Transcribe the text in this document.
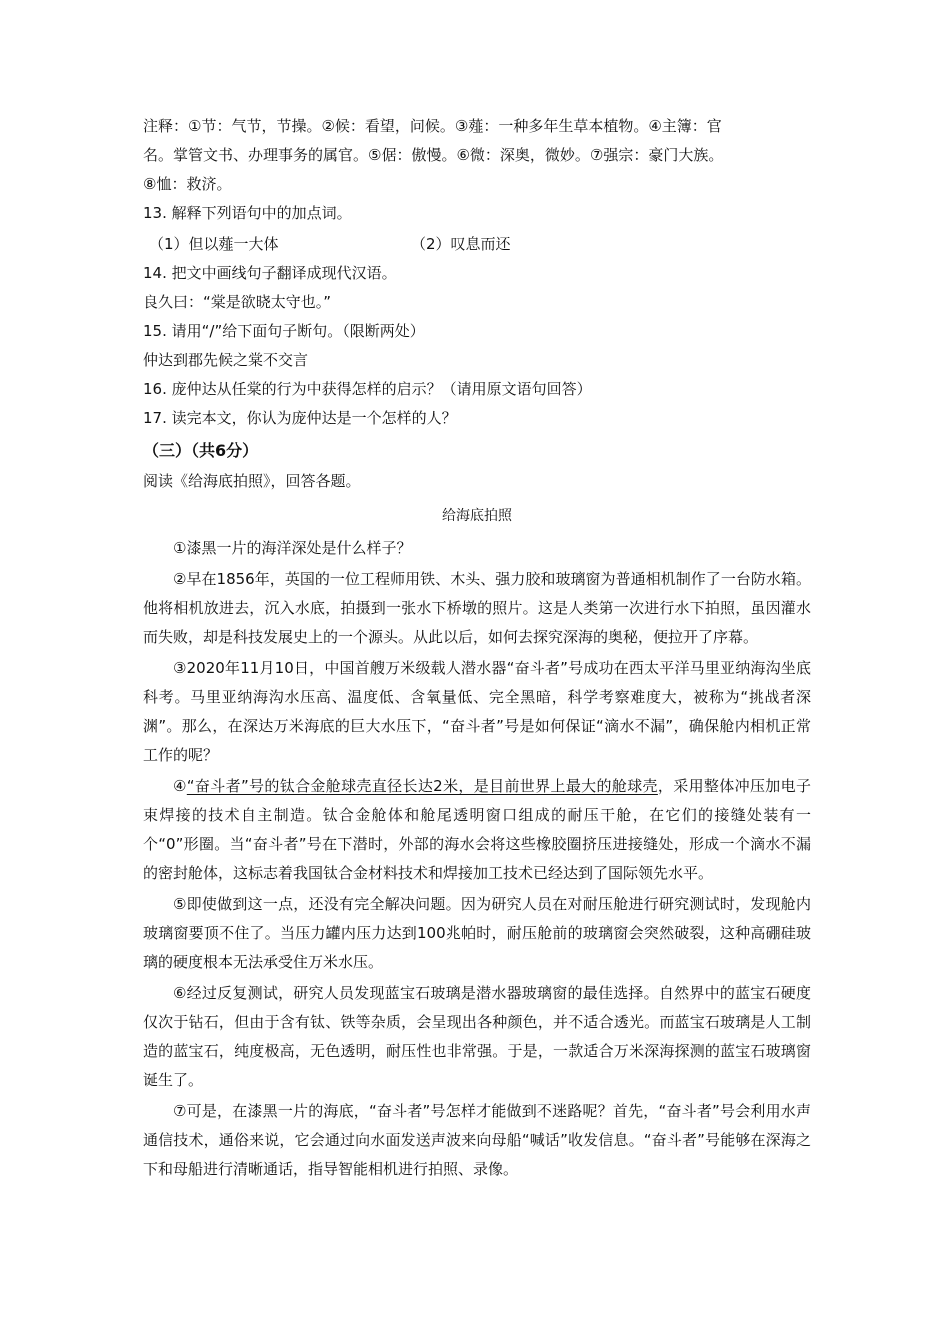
注释：①节：气节，节操。②候：看望，问候。③薤：一种多年生草本植物。④主簿：官

名。掌管文书、办理事务的属官。⑤倨：傲慢。⑥微：深奥，微妙。⑦强宗：豪门大族。

⑧恤：救济。

13. 解释下列语句中的加点词。

（1）但以薤一大体	（2）叹息而还

14. 把文中画线句子翻译成现代汉语。

良久曰：“棠是欲晓太守也。”

15. 请用“/”给下面句子断句。（限断两处）

仲达到郡先候之棠不交言

16. 庞仲达从任棠的行为中获得怎样的启示？（请用原文语句回答）

17. 读完本文，你认为庞仲达是一个怎样的人？

（三）（共6分）

阅读《给海底拍照》，回答各题。

给海底拍照

①漆黑一片的海洋深处是什么样子？

②早在1856年，英国的一位工程师用铁、木头、强力胶和玻璃窗为普通相机制作了一台防水箱。他将相机放进去，沉入水底，拍摄到一张水下桥墩的照片。这是人类第一次进行水下拍照，虽因灌水而失败，却是科技发展史上的一个源头。从此以后，如何去探究深海的奥秘，便拉开了序幕。

③2020年11月10日，中国首艘万米级载人潜水器“奋斗者”号成功在西太平洋马里亚纳海沟坐底科考。马里亚纳海沟水压高、温度低、含氧量低、完全黑暗，科学考察难度大，被称为“挑战者深渊”。那么，在深达万米海底的巨大水压下，“奋斗者”号是如何保证“滴水不漏”，确保舱内相机正常工作的呢？

④“奋斗者”号的钛合金舱球壳直径长达2米，是目前世界上最大的舱球壳，采用整体冲压加电子束焊接的技术自主制造。钛合金舱体和舱尾透明窗口组成的耐压干舱，在它们的接缝处装有一个“0”形圈。当“奋斗者”号在下潜时，外部的海水会将这些橡胶圈挤压进接缝处，形成一个滴水不漏的密封舱体，这标志着我国钛合金材料技术和焊接加工技术已经达到了国际领先水平。

⑤即使做到这一点，还没有完全解决问题。因为研究人员在对耐压舱进行研究测试时，发现舱内玻璃窗要顶不住了。当压力罐内压力达到100兆帕时，耐压舱前的玻璃窗会突然破裂，这种高硼硅玻璃的硬度根本无法承受住万米水压。

⑥经过反复测试，研究人员发现蓝宝石玻璃是潜水器玻璃窗的最佳选择。自然界中的蓝宝石硬度仅次于钻石，但由于含有钛、铁等杂质，会呈现出各种颜色，并不适合透光。而蓝宝石玻璃是人工制造的蓝宝石，纯度极高，无色透明，耐压性也非常强。于是，一款适合万米深海探测的蓝宝石玻璃窗诞生了。

⑦可是，在漆黑一片的海底，“奋斗者”号怎样才能做到不迷路呢？首先，“奋斗者”号会利用水声通信技术，通俗来说，它会通过向水面发送声波来向母船“喊话”收发信息。“奋斗者”号能够在深海之下和母船进行清晰通话，指导智能相机进行拍照、录像。
